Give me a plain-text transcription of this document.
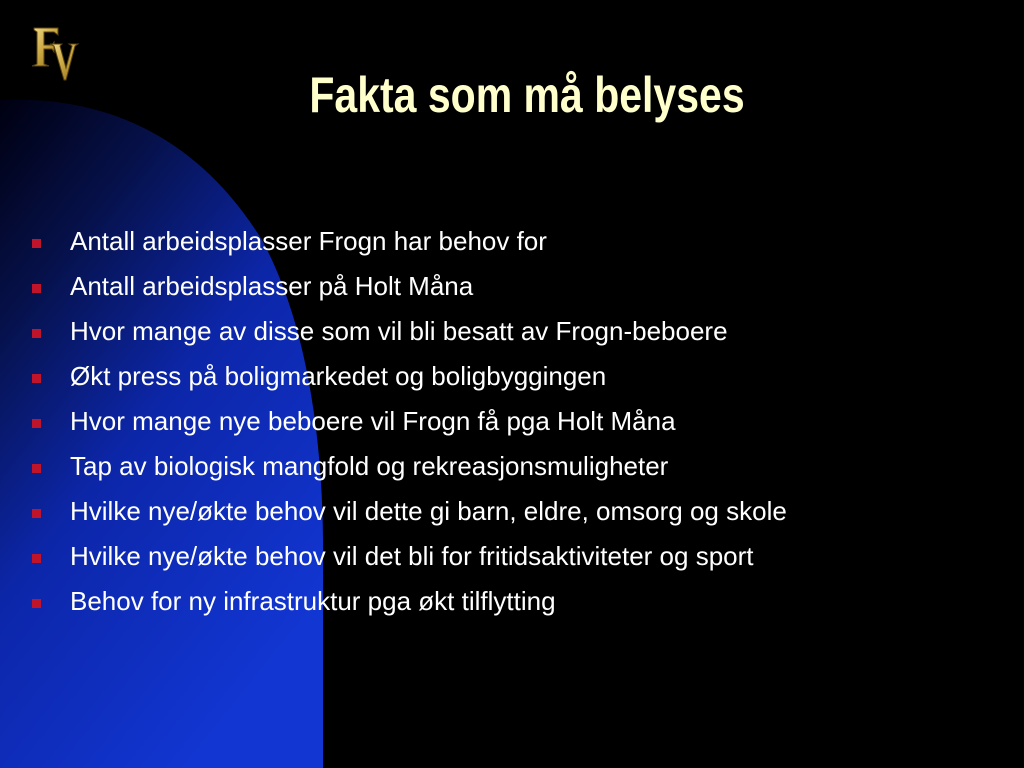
Fakta som må belyses
Antall arbeidsplasser Frogn har behov for
Antall arbeidsplasser på Holt Måna
Hvor mange av disse som vil bli besatt av Frogn-beboere
Økt press på boligmarkedet og boligbyggingen
Hvor mange nye beboere vil Frogn få pga Holt Måna
Tap av biologisk mangfold og rekreasjonsmuligheter
Hvilke nye/økte behov vil dette gi barn, eldre, omsorg og skole
Hvilke nye/økte behov vil det bli for fritidsaktiviteter og sport
Behov for ny infrastruktur pga økt tilflytting
